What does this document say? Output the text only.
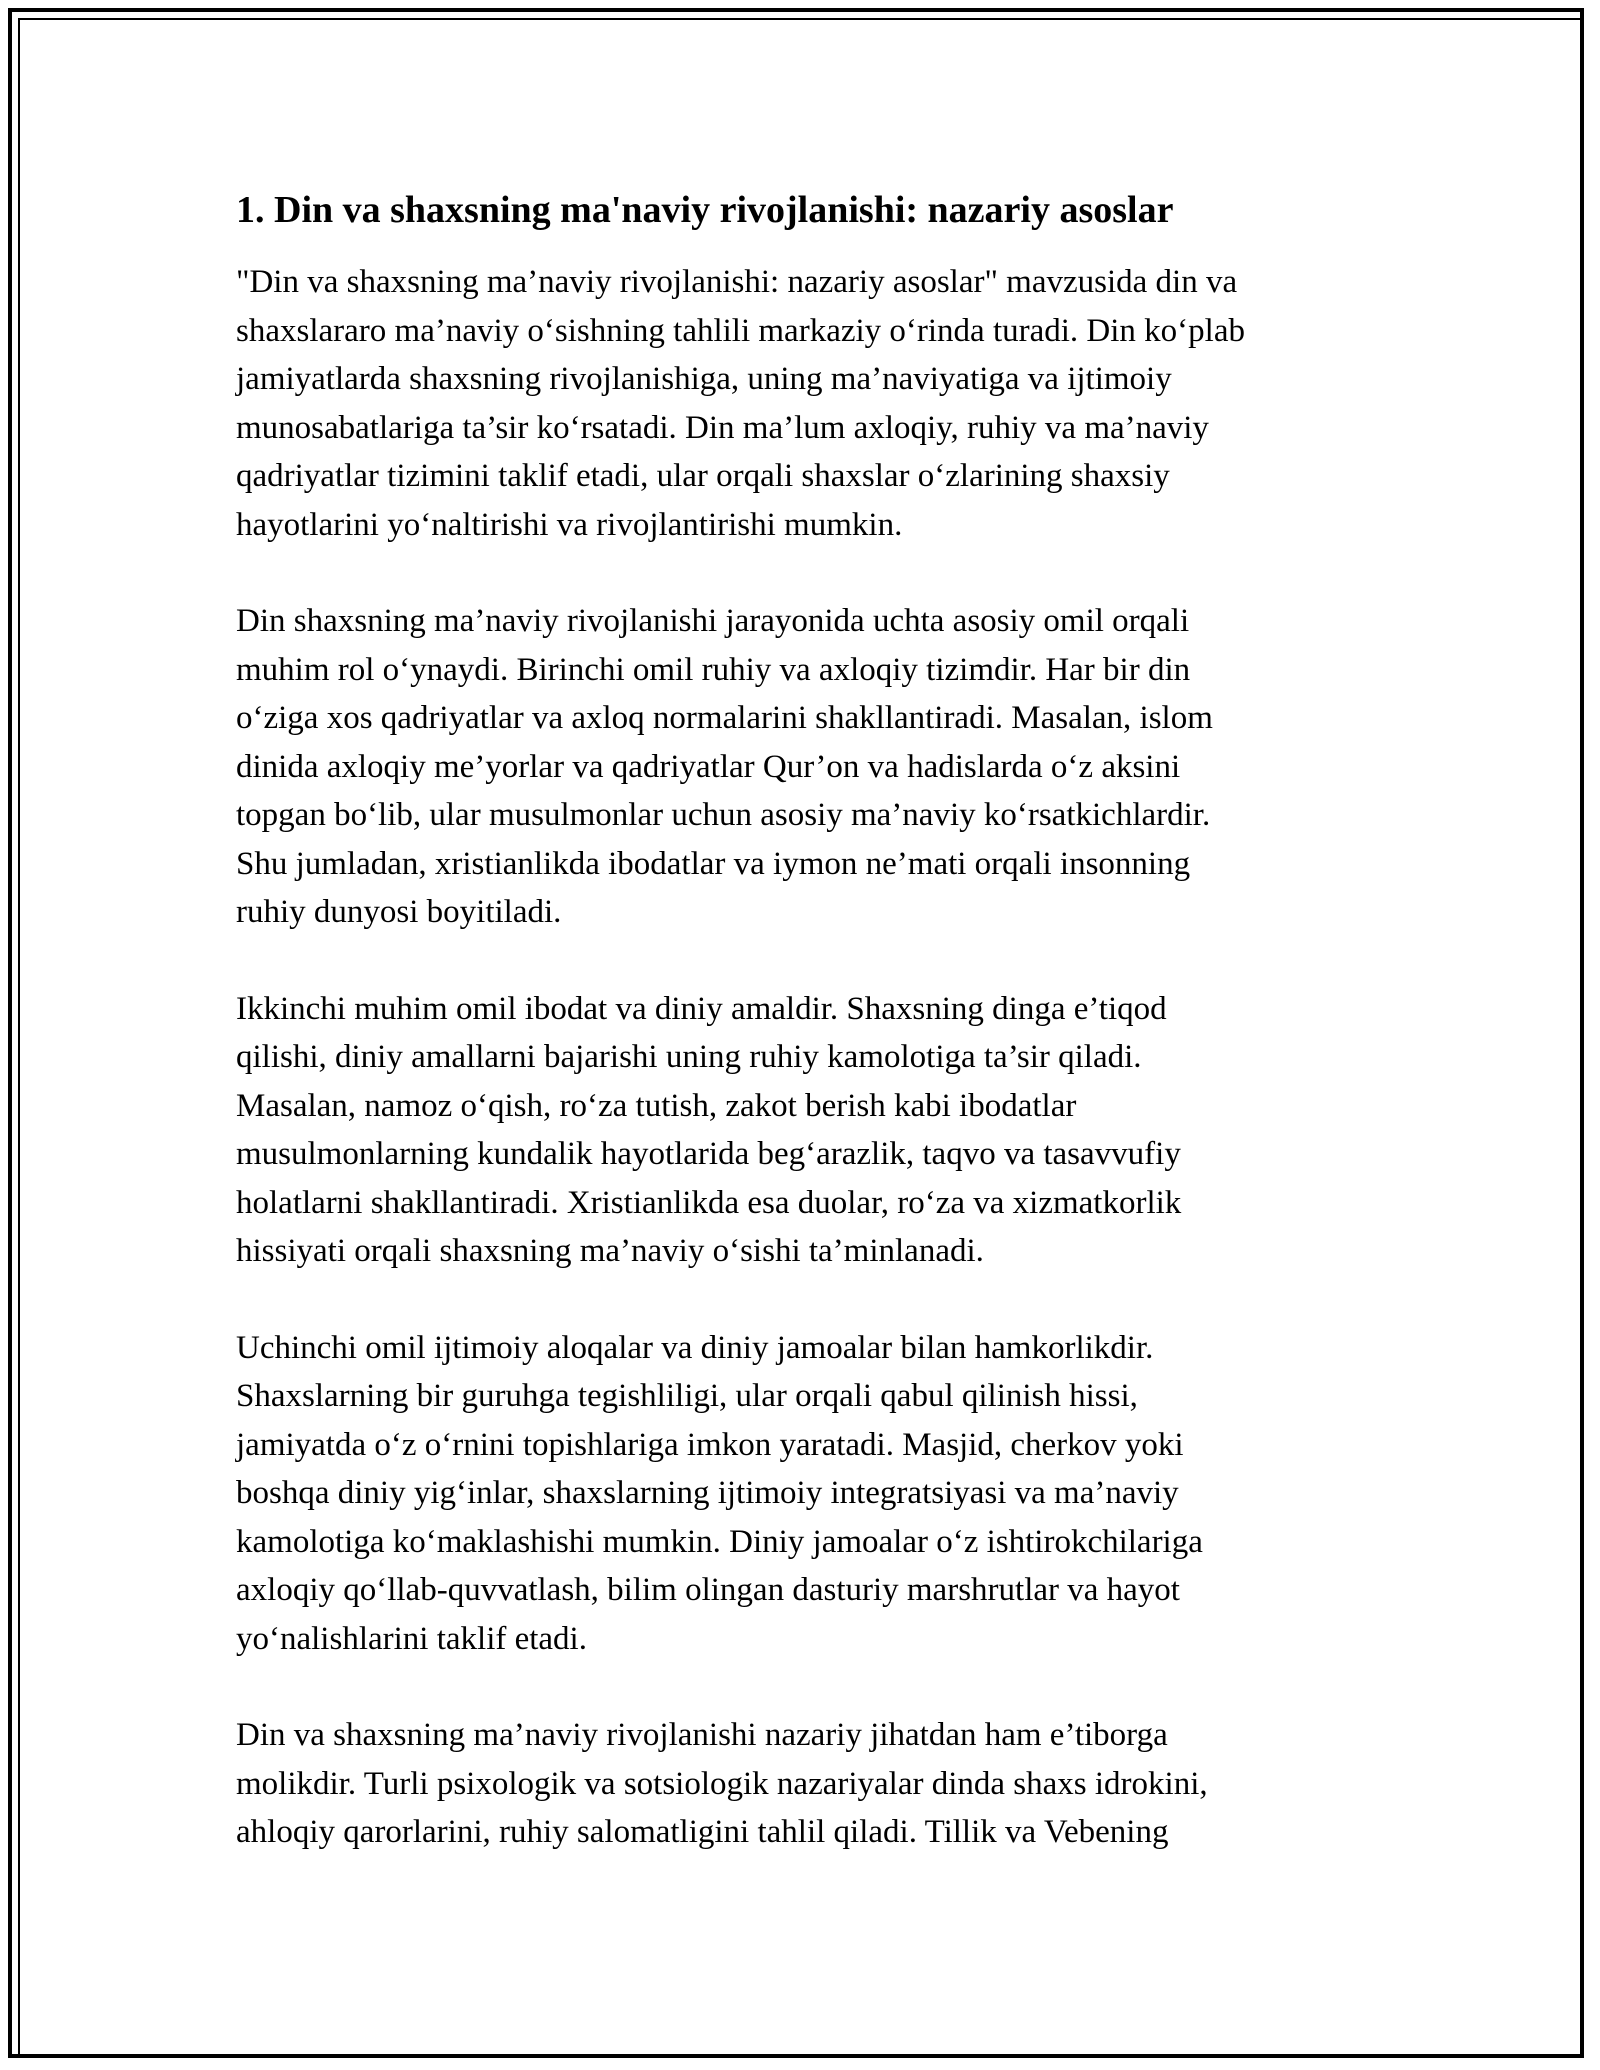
1. Din va shaxsning ma'naviy rivojlanishi: nazariy asoslar

"Din va shaxsning ma’naviy rivojlanishi: nazariy asoslar" mavzusida din va
shaxslararo ma’naviy o‘sishning tahlili markaziy o‘rinda turadi. Din ko‘plab
jamiyatlarda shaxsning rivojlanishiga, uning ma’naviyatiga va ijtimoiy
munosabatlariga ta’sir ko‘rsatadi. Din ma’lum axloqiy, ruhiy va ma’naviy
qadriyatlar tizimini taklif etadi, ular orqali shaxslar o‘zlarining shaxsiy
hayotlarini yo‘naltirishi va rivojlantirishi mumkin.

Din shaxsning ma’naviy rivojlanishi jarayonida uchta asosiy omil orqali
muhim rol o‘ynaydi. Birinchi omil ruhiy va axloqiy tizimdir. Har bir din
o‘ziga xos qadriyatlar va axloq normalarini shakllantiradi. Masalan, islom
dinida axloqiy me’yorlar va qadriyatlar Qur’on va hadislarda o‘z aksini
topgan bo‘lib, ular musulmonlar uchun asosiy ma’naviy ko‘rsatkichlardir.
Shu jumladan, xristianlikda ibodatlar va iymon ne’mati orqali insonning
ruhiy dunyosi boyitiladi.

Ikkinchi muhim omil ibodat va diniy amaldir. Shaxsning dinga e’tiqod
qilishi, diniy amallarni bajarishi uning ruhiy kamolotiga ta’sir qiladi.
Masalan, namoz o‘qish, ro‘za tutish, zakot berish kabi ibodatlar
musulmonlarning kundalik hayotlarida beg‘arazlik, taqvo va tasavvufiy
holatlarni shakllantiradi. Xristianlikda esa duolar, ro‘za va xizmatkorlik
hissiyati orqali shaxsning ma’naviy o‘sishi ta’minlanadi.

Uchinchi omil ijtimoiy aloqalar va diniy jamoalar bilan hamkorlikdir.
Shaxslarning bir guruhga tegishliligi, ular orqali qabul qilinish hissi,
jamiyatda o‘z o‘rnini topishlariga imkon yaratadi. Masjid, cherkov yoki
boshqa diniy yig‘inlar, shaxslarning ijtimoiy integratsiyasi va ma’naviy
kamolotiga ko‘maklashishi mumkin. Diniy jamoalar o‘z ishtirokchilariga
axloqiy qo‘llab-quvvatlash, bilim olingan dasturiy marshrutlar va hayot
yo‘nalishlarini taklif etadi.

Din va shaxsning ma’naviy rivojlanishi nazariy jihatdan ham e’tiborga
molikdir. Turli psixologik va sotsiologik nazariyalar dinda shaxs idrokini,
ahloqiy qarorlarini, ruhiy salomatligini tahlil qiladi. Tillik va Vebening
